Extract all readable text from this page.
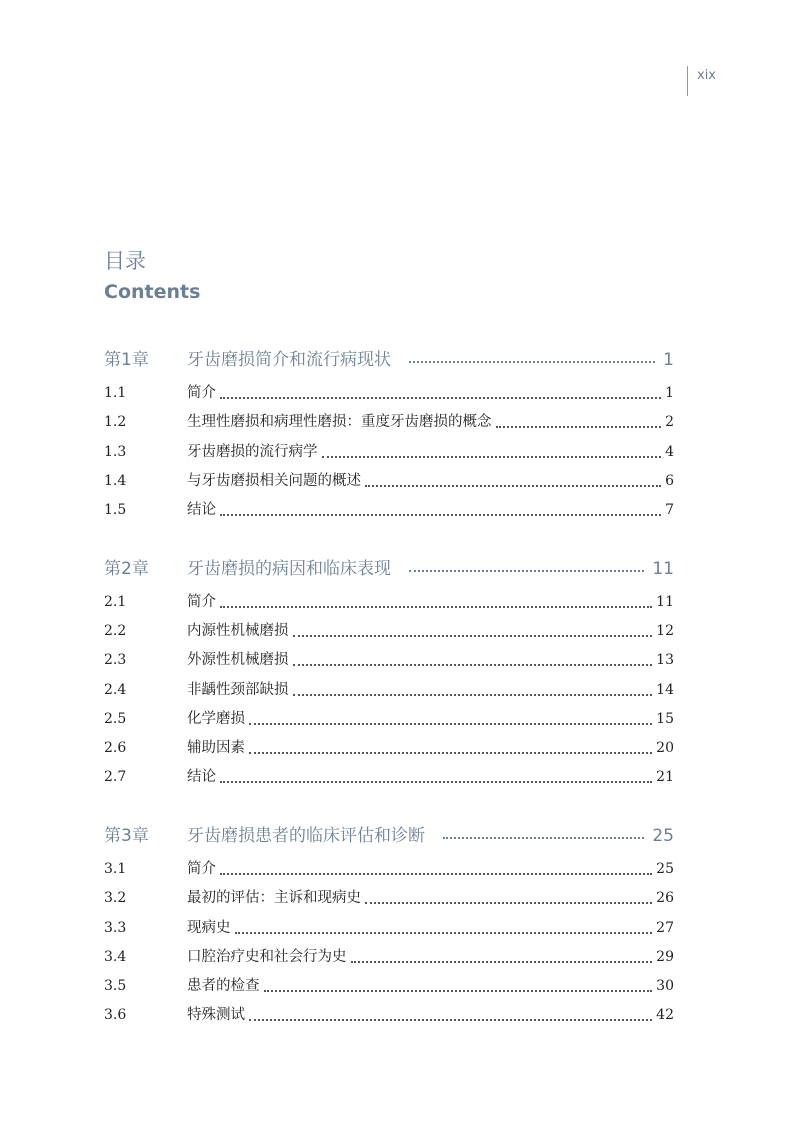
xix
目录
Contents
第1章	牙齿磨损简介和流行病现状	1
1.1	简介	1
1.2	生理性磨损和病理性磨损：重度牙齿磨损的概念	2
1.3	牙齿磨损的流行病学	4
1.4	与牙齿磨损相关问题的概述	6
1.5	结论	7
第2章	牙齿磨损的病因和临床表现	11
2.1	简介	11
2.2	内源性机械磨损	12
2.3	外源性机械磨损	13
2.4	非龋性颈部缺损	14
2.5	化学磨损	15
2.6	辅助因素	20
2.7	结论	21
第3章	牙齿磨损患者的临床评估和诊断	25
3.1	简介	25
3.2	最初的评估：主诉和现病史	26
3.3	现病史	27
3.4	口腔治疗史和社会行为史	29
3.5	患者的检查	30
3.6	特殊测试	42
